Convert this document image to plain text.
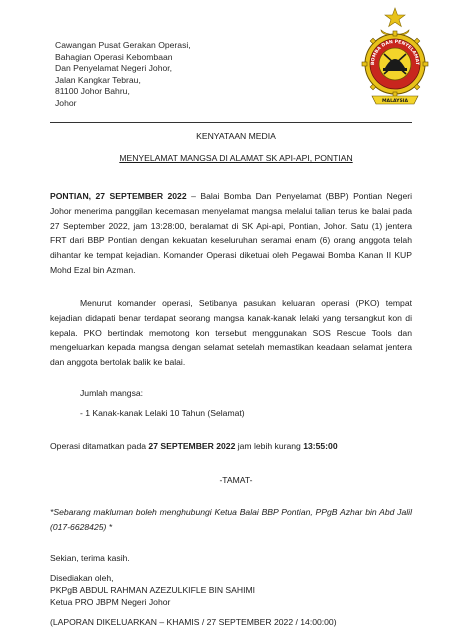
Cawangan Pusat Gerakan Operasi,
Bahagian Operasi Kebombaan
Dan Penyelamat Negeri Johor,
Jalan Kangkar Tebrau,
81100 Johor Bahru,
Johor
BOMBA DAN PENYELAMAT
MALAYSIA
KENYATAAN MEDIA
MENYELAMAT MANGSA DI ALAMAT SK API-API, PONTIAN
PONTIAN, 27 SEPTEMBER 2022 – Balai Bomba Dan Penyelamat (BBP) Pontian Negeri Johor menerima panggilan kecemasan menyelamat mangsa melalui talian terus ke balai pada 27 September 2022, jam 13:28:00, beralamat di SK Api-api, Pontian, Johor. Satu (1) jentera FRT dari BBP Pontian dengan kekuatan keseluruhan seramai enam (6) orang anggota telah dihantar ke tempat kejadian. Komander Operasi diketuai oleh Pegawai Bomba Kanan II KUP Mohd Ezal bin Azman.
Menurut komander operasi, Setibanya pasukan keluaran operasi (PKO) tempat kejadian didapati benar terdapat seorang mangsa kanak-kanak lelaki yang tersangkut kon di kepala. PKO bertindak memotong kon tersebut menggunakan SOS Rescue Tools dan mengeluarkan kepada mangsa dengan selamat setelah memastikan keadaan selamat jentera dan anggota bertolak balik ke balai.
Jumlah mangsa:
- 1 Kanak-kanak Lelaki 10 Tahun (Selamat)
Operasi ditamatkan pada 27 SEPTEMBER 2022 jam lebih kurang 13:55:00
-TAMAT-
*Sebarang makluman boleh menghubungi Ketua Balai BBP Pontian, PPgB Azhar bin Abd Jalil (017-6628425) *
Sekian, terima kasih.
Disediakan oleh,
PKPgB ABDUL RAHMAN AZEZULKIFLE BIN SAHIMI
Ketua PRO JBPM Negeri Johor
(LAPORAN DIKELUARKAN – KHAMIS / 27 SEPTEMBER 2022 / 14:00:00)
